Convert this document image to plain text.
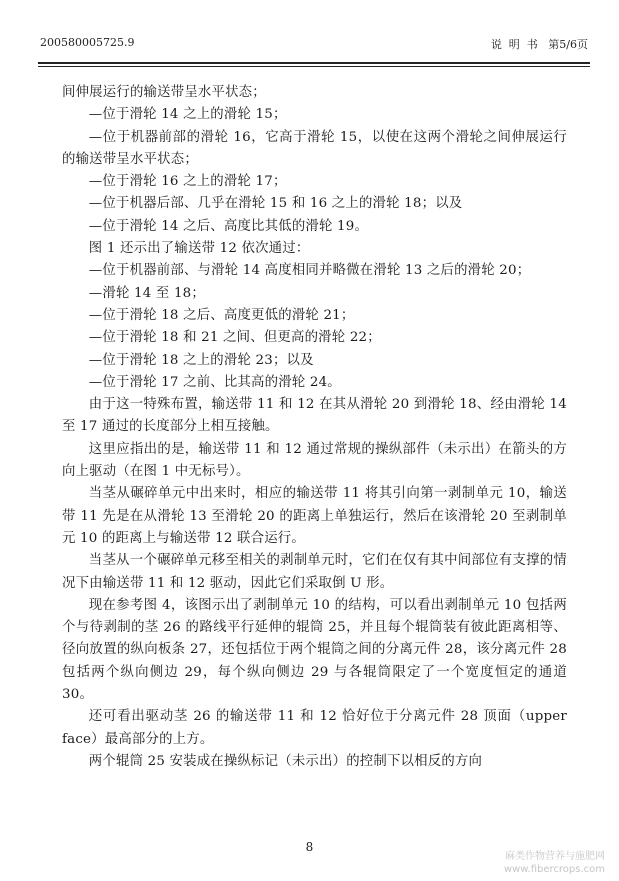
200580005725.9	说  明  书   第5/6页

间伸展运行的输送带呈水平状态；

—位于滑轮 14 之上的滑轮 15；

—位于机器前部的滑轮 16，它高于滑轮 15，以使在这两个滑轮之间伸展运行的输送带呈水平状态；

—位于滑轮 16 之上的滑轮 17；

—位于机器后部、几乎在滑轮 15 和 16 之上的滑轮 18；以及

—位于滑轮 14 之后、高度比其低的滑轮 19。

图 1 还示出了输送带 12 依次通过：

—位于机器前部、与滑轮 14 高度相同并略微在滑轮 13 之后的滑轮 20；

—滑轮 14 至 18；

—位于滑轮 18 之后、高度更低的滑轮 21；

—位于滑轮 18 和 21 之间、但更高的滑轮 22；

—位于滑轮 18 之上的滑轮 23；以及

—位于滑轮 17 之前、比其高的滑轮 24。

由于这一特殊布置，输送带 11 和 12 在其从滑轮 20 到滑轮 18、经由滑轮 14 至 17 通过的长度部分上相互接触。

这里应指出的是，输送带 11 和 12 通过常规的操纵部件（未示出）在箭头的方向上驱动（在图 1 中无标号）。

当茎从碾碎单元中出来时，相应的输送带 11 将其引向第一剥制单元 10，输送带 11 先是在从滑轮 13 至滑轮 20 的距离上单独运行，然后在该滑轮 20 至剥制单元 10 的距离上与输送带 12 联合运行。

当茎从一个碾碎单元移至相关的剥制单元时，它们在仅有其中间部位有支撑的情况下由输送带 11 和 12 驱动，因此它们采取倒 U 形。

现在参考图 4，该图示出了剥制单元 10 的结构，可以看出剥制单元 10 包括两个与待剥制的茎 26 的路线平行延伸的辊筒 25，并且每个辊筒装有彼此距离相等、径向放置的纵向板条 27，还包括位于两个辊筒之间的分离元件 28，该分离元件 28 包括两个纵向侧边 29，每个纵向侧边 29 与各辊筒限定了一个宽度恒定的通道 30。

还可看出驱动茎 26 的输送带 11 和 12 恰好位于分离元件 28 顶面（upper face）最高部分的上方。

两个辊筒 25 安装成在操纵标记（未示出）的控制下以相反的方向

8
麻类作物营养与施肥网
www.fibercrops.com
